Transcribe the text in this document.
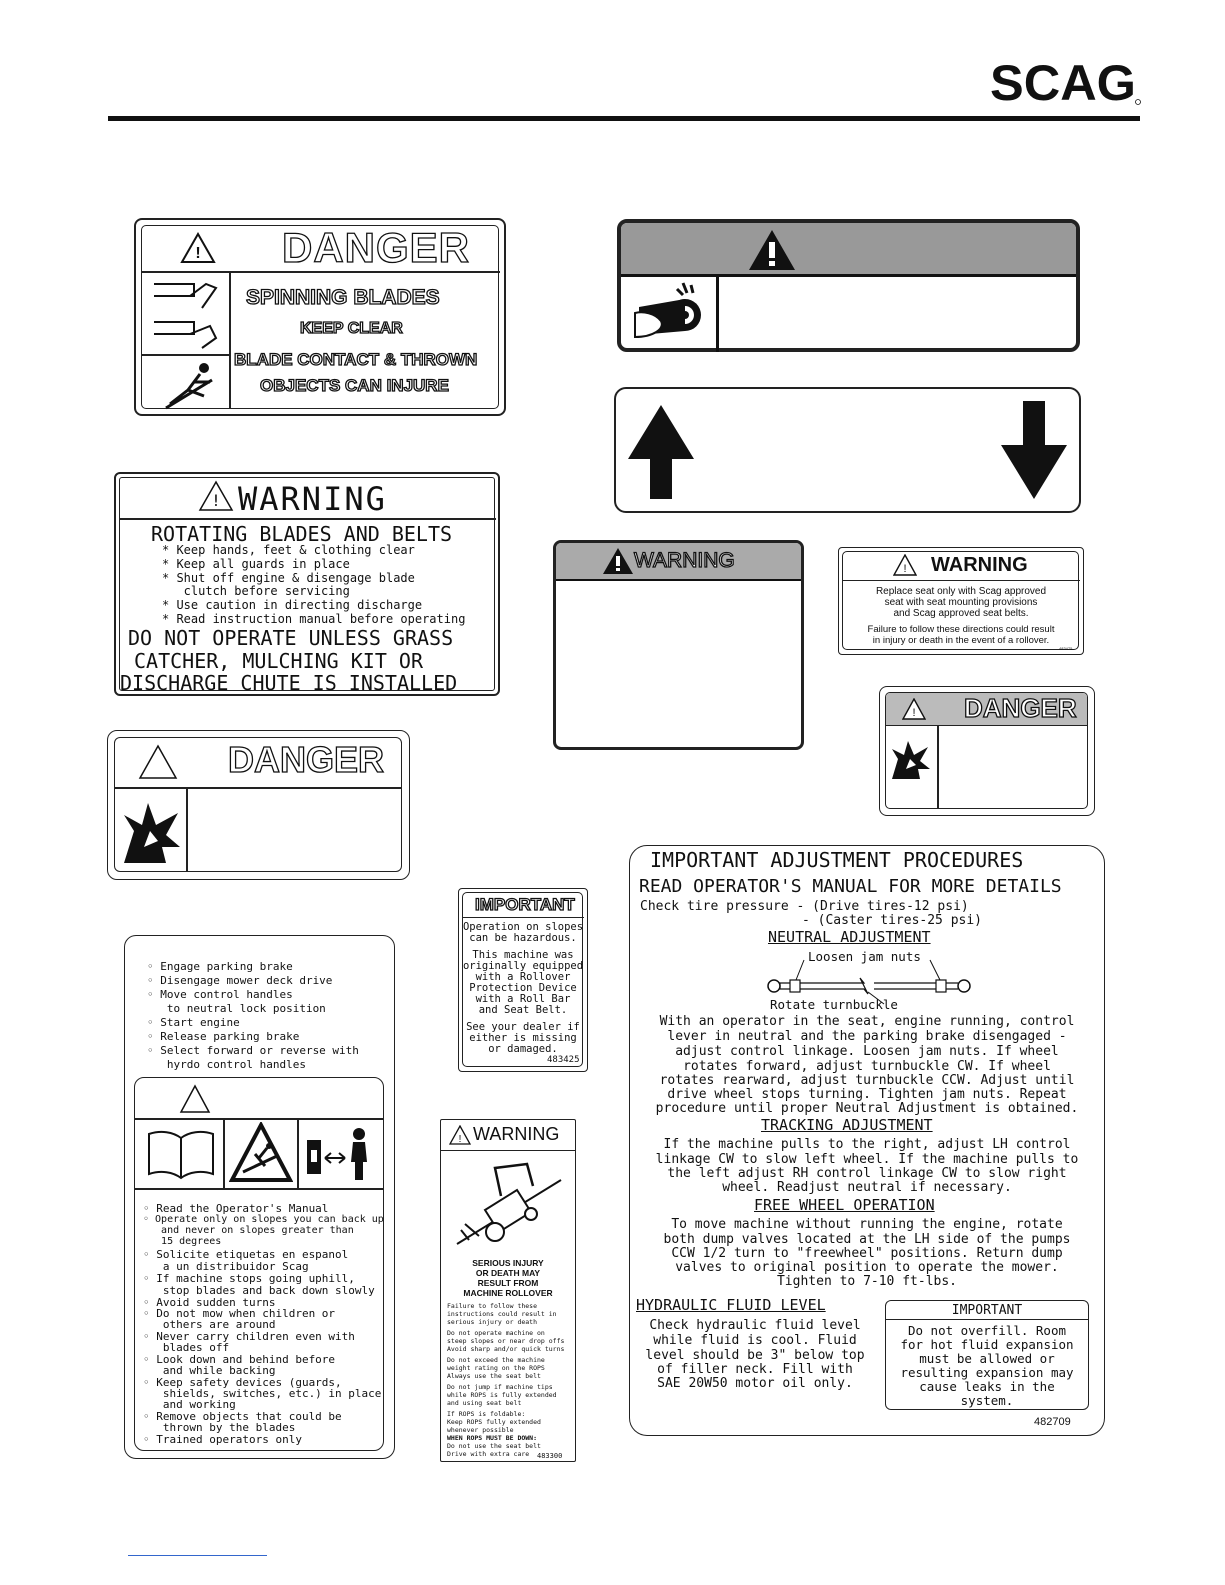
SCAG
! DANGER
SPINNING BLADES
KEEP CLEAR
BLADE CONTACT & THROWN
OBJECTS CAN INJURE
! WARNING
ROTATING BLADES AND BELTS
* Keep hands, feet & clothing clear
* Keep all guards in place
* Shut off engine & disengage blade
clutch before servicing
* Use caution in directing discharge
* Read instruction manual before operating
DO NOT OPERATE UNLESS GRASS
CATCHER, MULCHING KIT OR
DISCHARGE CHUTE IS INSTALLED
WARNING	! WARNING
Replace seat only with Scag approved
seat with seat mounting provisions
and Scag approved seat belts.
Failure to follow these directions could result
in injury or death in the event of a rollover.
483475
! DANGER
DANGER
IMPORTANT
Operation on slopes
can be hazardous.
This machine was
originally equipped
with a Rollover
Protection Device
with a Roll Bar
and Seat Belt.
See your dealer if
either is missing
or damaged.
483425
◦ Engage parking brake
◦ Disengage mower deck drive
◦ Move control handles
to neutral lock position
◦ Start engine
◦ Release parking brake
◦ Select forward or reverse with
hyrdo control handles
◦ Read the Operator's Manual
◦ Operate only on slopes you can back up
and never on slopes greater than
15 degrees
◦ Solicite etiquetas en espanol
a un distribuidor Scag
◦ If machine stops going uphill,
stop blades and back down slowly
◦ Avoid sudden turns
◦ Do not mow when children or
others are around
◦ Never carry children even with
blades off
◦ Look down and behind before
and while backing
◦ Keep safety devices (guards,
shields, switches, etc.) in place
and working
◦ Remove objects that could be
thrown by the blades
◦ Trained operators only
! WARNING
SERIOUS INJURY
OR DEATH MAY
RESULT FROM
MACHINE ROLLOVER
Failure to follow these
instructions could result in
serious injury or death
Do not operate machine on
steep slopes or near drop offs
Avoid sharp and/or quick turns
Do not exceed the machine
weight rating on the ROPS
Always use the seat belt
Do not jump if machine tips
while ROPS is fully extended
and using seat belt
If ROPS is foldable:
Keep ROPS fully extended
whenever possible
WHEN ROPS MUST BE DOWN:
Do not use the seat belt
Drive with extra care 483300
IMPORTANT ADJUSTMENT PROCEDURES
READ OPERATOR'S MANUAL FOR MORE DETAILS
Check tire pressure - (Drive tires-12 psi)
- (Caster tires-25 psi)
NEUTRAL ADJUSTMENT
Loosen jam nuts
Rotate turnbuckle
With an operator in the seat, engine running, control
lever in neutral and the parking brake disengaged -
adjust control linkage. Loosen jam nuts. If wheel
rotates forward, adjust turnbuckle CW. If wheel
rotates rearward, adjust turnbuckle CCW. Adjust until
drive wheel stops turning. Tighten jam nuts. Repeat
procedure until proper Neutral Adjustment is obtained.
TRACKING ADJUSTMENT
If the machine pulls to the right, adjust LH control
linkage CW to slow left wheel. If the machine pulls to
the left adjust RH control linkage CW to slow right
wheel. Readjust neutral if necessary.
FREE WHEEL OPERATION
To move machine without running the engine, rotate
both dump valves located at the LH side of the pumps
CCW 1/2 turn to "freewheel" positions. Return dump
valves to original position to operate the mower.
Tighten to 7-10 ft-lbs.
HYDRAULIC FLUID LEVEL
Check hydraulic fluid level
while fluid is cool. Fluid
level should be 3" below top
of filler neck. Fill with
SAE 20W50 motor oil only.
IMPORTANT
Do not overfill. Room
for hot fluid expansion
must be allowed or
resulting expansion may
cause leaks in the
system.
482709
